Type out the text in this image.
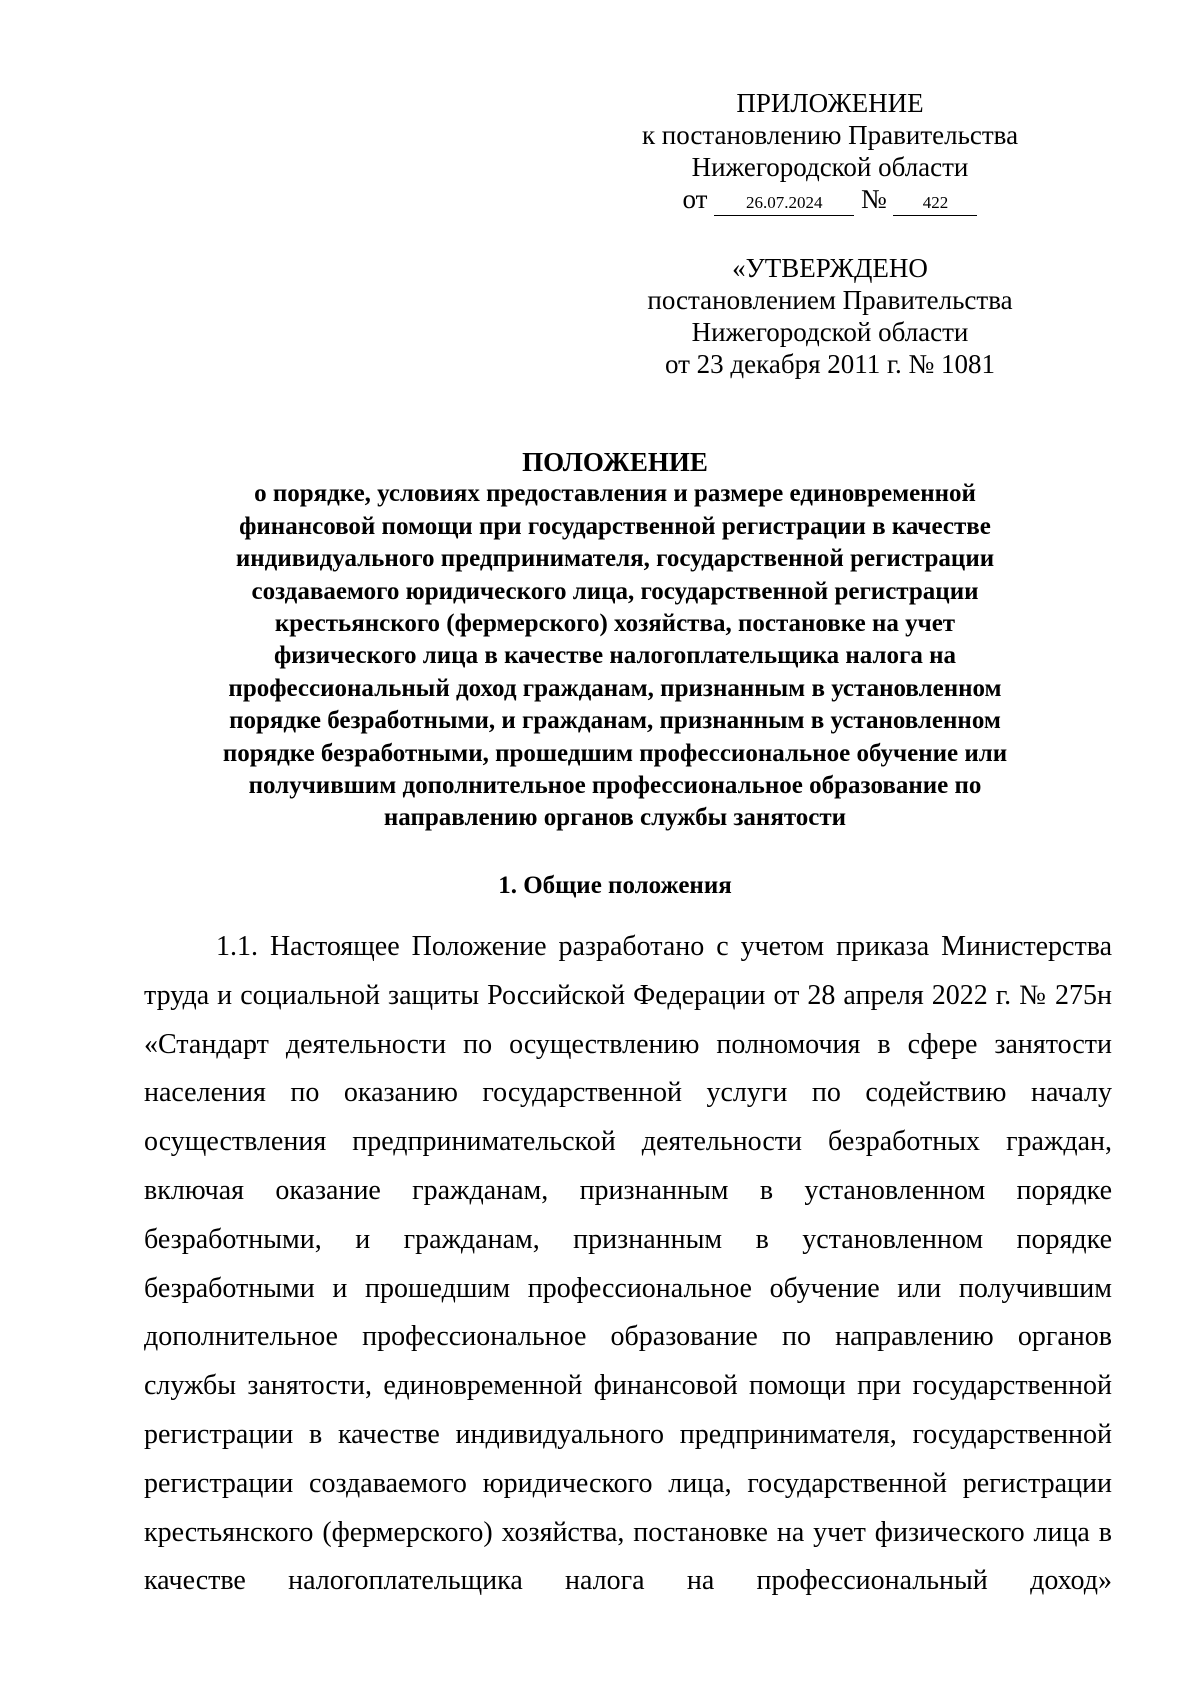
ПРИЛОЖЕНИЕ
к постановлению Правительства
Нижегородской области
от 26.07.2024 № 422
«УТВЕРЖДЕНО
постановлением Правительства
Нижегородской области
от 23 декабря 2011 г. № 1081
ПОЛОЖЕНИЕ
о порядке, условиях предоставления и размере единовременной
финансовой помощи при государственной регистрации в качестве
индивидуального предпринимателя, государственной регистрации
создаваемого юридического лица, государственной регистрации
крестьянского (фермерского) хозяйства, постановке на учет
физического лица в качестве налогоплательщика налога на
профессиональный доход гражданам, признанным в установленном
порядке безработными, и гражданам, признанным в установленном
порядке безработными, прошедшим профессиональное обучение или
получившим дополнительное профессиональное образование по
направлению органов службы занятости
1. Общие положения
1.1. Настоящее Положение разработано с учетом приказа Министерства
труда и социальной защиты Российской Федерации от 28 апреля 2022 г. № 275н
«Стандарт деятельности по осуществлению полномочия в сфере занятости
населения по оказанию государственной услуги по содействию началу
осуществления предпринимательской деятельности безработных граждан,
включая оказание гражданам, признанным в установленном порядке
безработными, и гражданам, признанным в установленном порядке
безработными и прошедшим профессиональное обучение или получившим
дополнительное профессиональное образование по направлению органов
службы занятости, единовременной финансовой помощи при государственной
регистрации в качестве индивидуального предпринимателя, государственной
регистрации создаваемого юридического лица, государственной регистрации
крестьянского (фермерского) хозяйства, постановке на учет физического лица в
качестве налогоплательщика налога на профессиональный доход»
